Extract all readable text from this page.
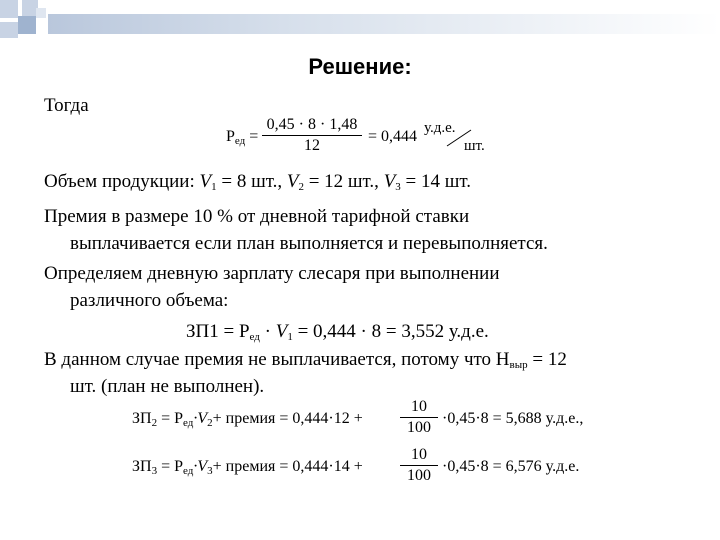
Решение:
Тогда
$P_{ед} = \frac{0,45 \cdot 8 \cdot 1,48}{12} = 0,444$ у.д.е.
шт.
Объем продукции: $V_1 = 8$ шт., $V_2 = 12$ шт., $V_3 = 14$ шт.
Премия в размере 10 % от дневной тарифной ставки
выплачивается если план выполняется и перевыполняется.
Определяем дневную зарплату слесаря при выполнении
различного объема:
$ЗП1 = Р_{ед} \cdot V_1 = 0,444 \cdot 8 = 3,552$ у.д.е.
В данном случае премия не выплачивается, потому что $Н_{выр} = 12$
шт. (план не выполнен).
$ЗП_2 = P_{ед}\cdot V_2+$ премия = $0,444\cdot 12 + \frac{10}{100} \cdot 0,45\cdot 8 = 5,688$ у.д.е.,
$ЗП_3 = P_{ед}\cdot V_3+$ премия = $0,444\cdot 14 + \frac{10}{100} \cdot 0,45\cdot 8 = 6,576$ у.д.е.
